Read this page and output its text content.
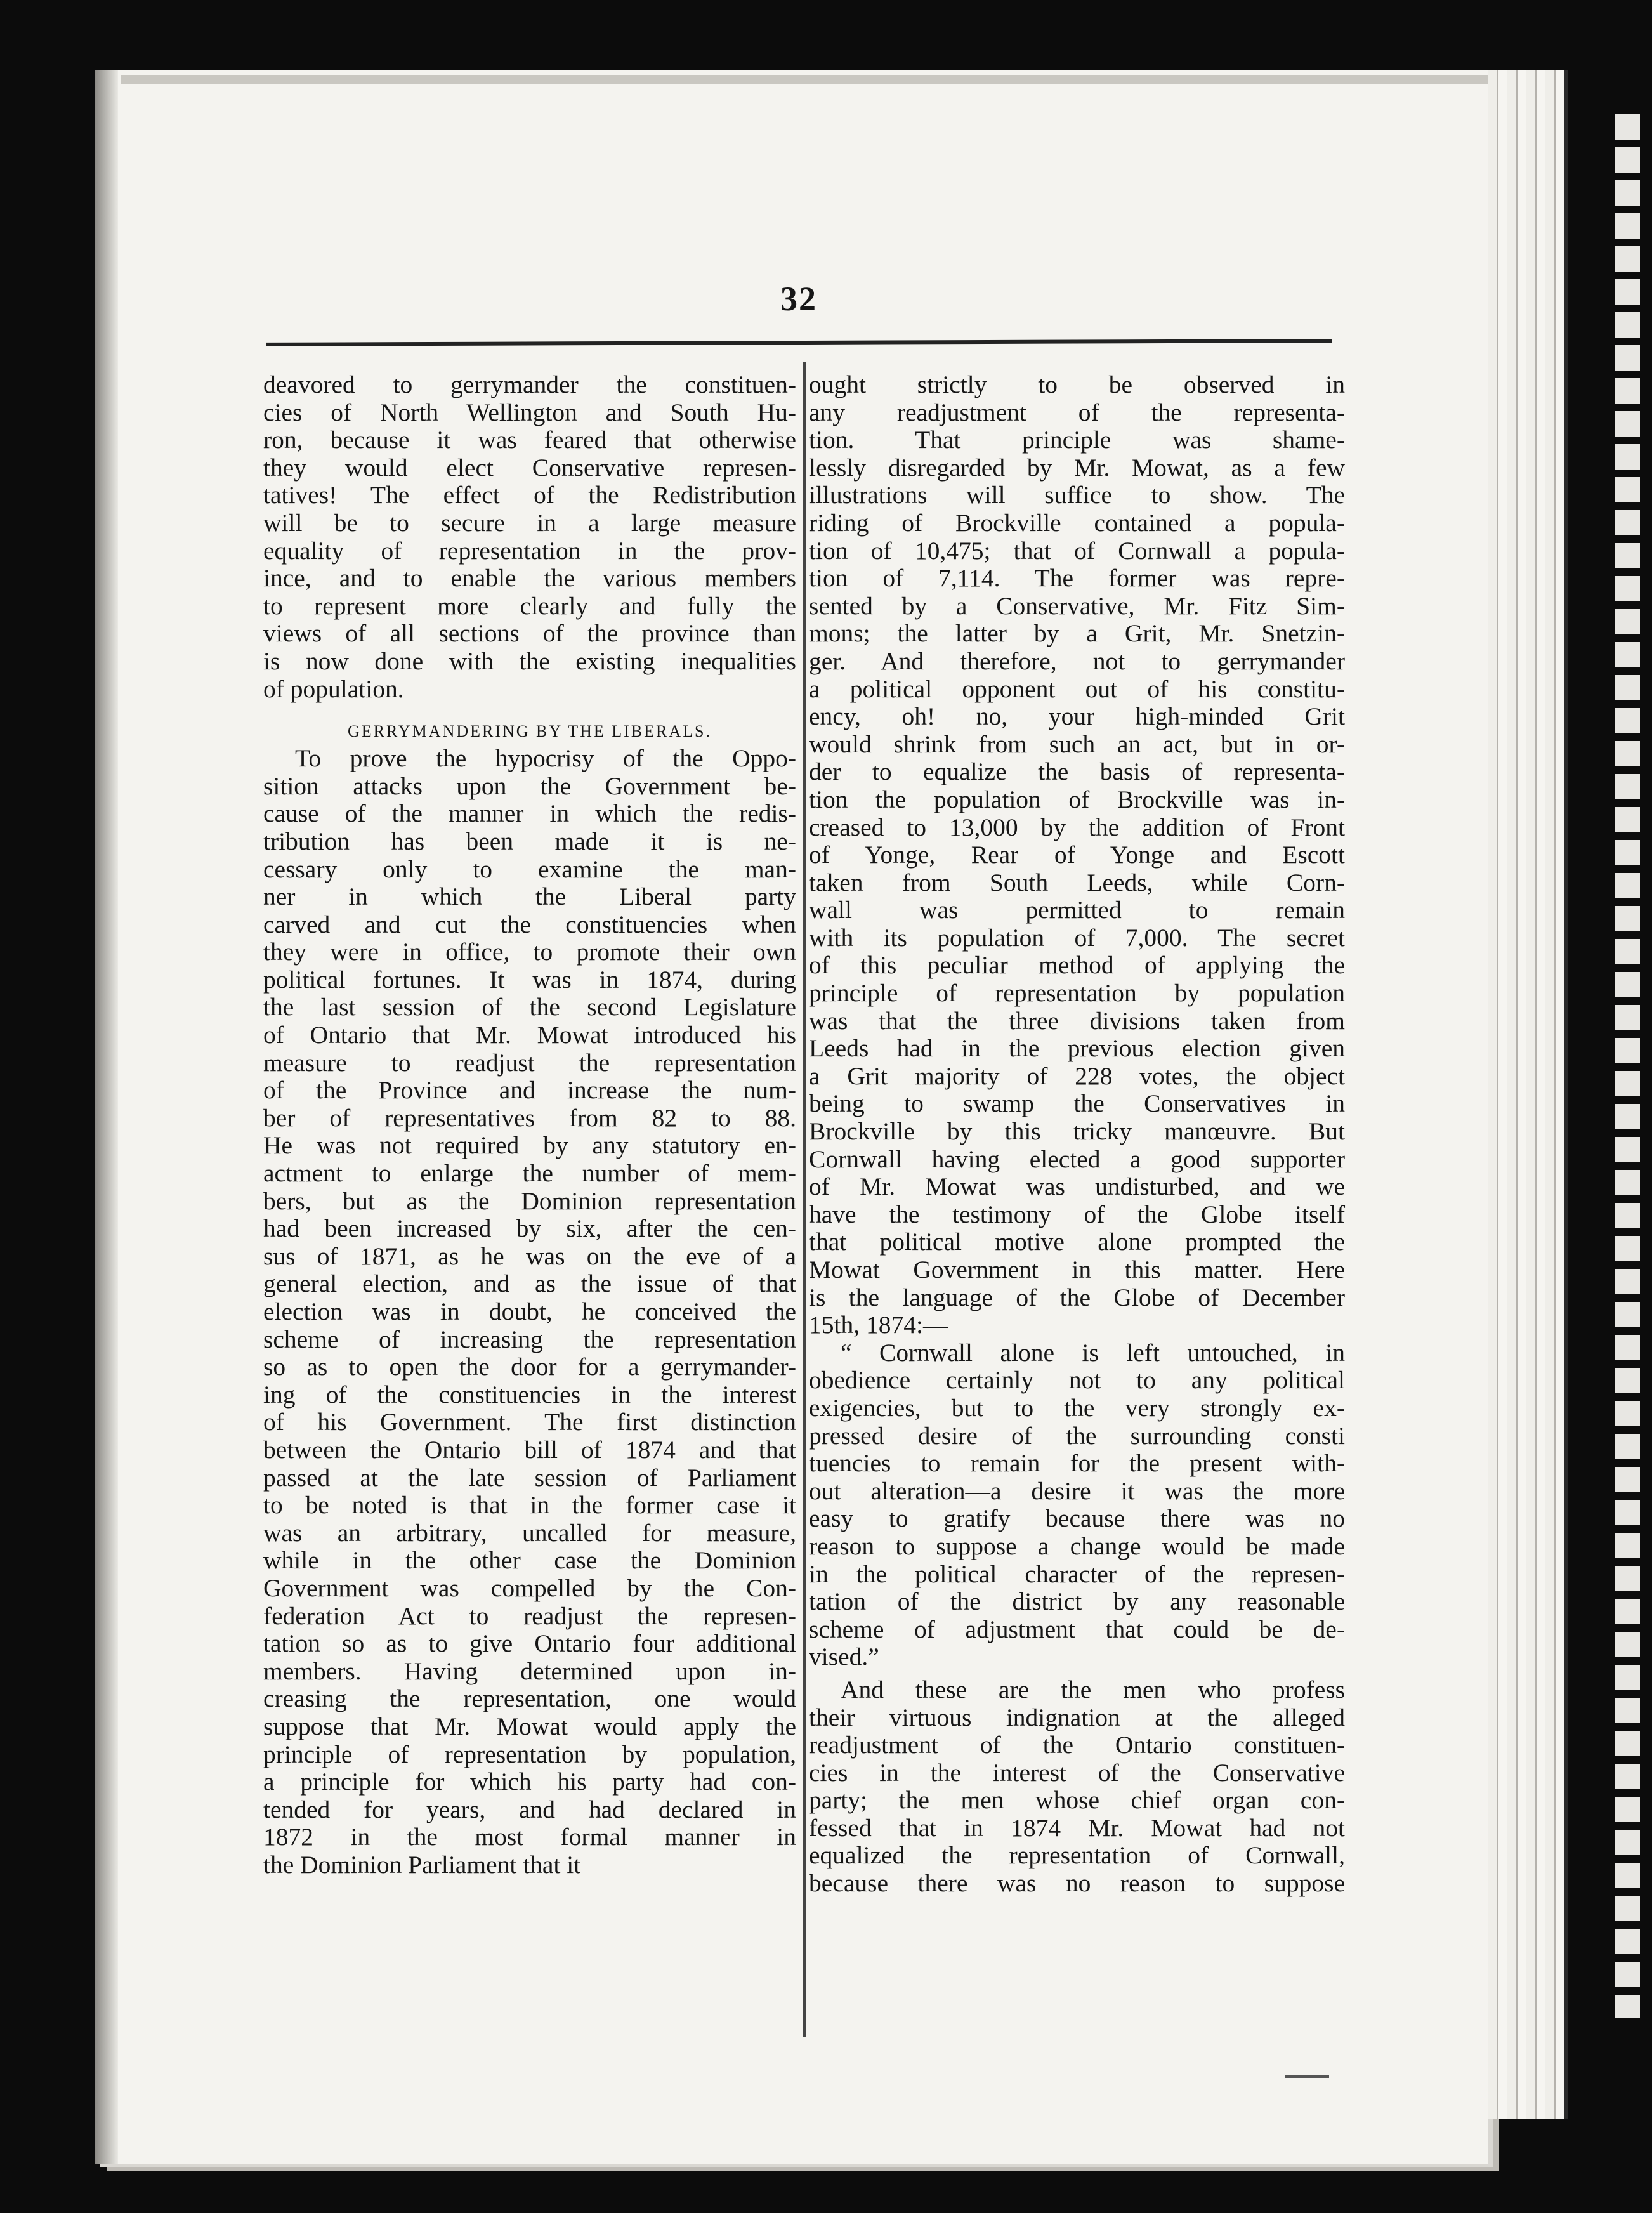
32
deavored to gerrymander the constituen-
cies of North Wellington and South Hu-
ron, because it was feared that otherwise
they would elect Conservative represen-
tatives! The effect of the Redistribution
will be to secure in a large measure
equality of representation in the prov-
ince, and to enable the various members
to represent more clearly and fully the
views of all sections of the province than
is now done with the existing inequalities
of population.
GERRYMANDERING BY THE LIBERALS.
To prove the hypocrisy of the Oppo-
sition attacks upon the Government be-
cause of the manner in which the redis-
tribution has been made it is ne-
cessary only to examine the man-
ner in which the Liberal party
carved and cut the constituencies when
they were in office, to promote their own
political fortunes. It was in 1874, during
the last session of the second Legislature
of Ontario that Mr. Mowat introduced his
measure to readjust the representation
of the Province and increase the num-
ber of representatives from 82 to 88.
He was not required by any statutory en-
actment to enlarge the number of mem-
bers, but as the Dominion representation
had been increased by six, after the cen-
sus of 1871, as he was on the eve of a
general election, and as the issue of that
election was in doubt, he conceived the
scheme of increasing the representation
so as to open the door for a gerrymander-
ing of the constituencies in the interest
of his Government. The first distinction
between the Ontario bill of 1874 and that
passed at the late session of Parliament
to be noted is that in the former case it
was an arbitrary, uncalled for measure,
while in the other case the Dominion
Government was compelled by the Con-
federation Act to readjust the represen-
tation so as to give Ontario four additional
members. Having determined upon in-
creasing the representation, one would
suppose that Mr. Mowat would apply the
principle of representation by population,
a principle for which his party had con-
tended for years, and had declared in
1872 in the most formal manner in
the Dominion Parliament that it
ought strictly to be observed in
any readjustment of the representa-
tion. That principle was shame-
lessly disregarded by Mr. Mowat, as a few
illustrations will suffice to show. The
riding of Brockville contained a popula-
tion of 10,475; that of Cornwall a popula-
tion of 7,114. The former was repre-
sented by a Conservative, Mr. Fitz Sim-
mons; the latter by a Grit, Mr. Snetzin-
ger. And therefore, not to gerrymander
a political opponent out of his constitu-
ency, oh! no, your high-minded Grit
would shrink from such an act, but in or-
der to equalize the basis of representa-
tion the population of Brockville was in-
creased to 13,000 by the addition of Front
of Yonge, Rear of Yonge and Escott
taken from South Leeds, while Corn-
wall was permitted to remain
with its population of 7,000. The secret
of this peculiar method of applying the
principle of representation by population
was that the three divisions taken from
Leeds had in the previous election given
a Grit majority of 228 votes, the object
being to swamp the Conservatives in
Brockville by this tricky manœuvre. But
Cornwall having elected a good supporter
of Mr. Mowat was undisturbed, and we
have the testimony of the Globe itself
that political motive alone prompted the
Mowat Government in this matter. Here
is the language of the Globe of December
15th, 1874:—
“ Cornwall alone is left untouched, in
obedience certainly not to any political
exigencies, but to the very strongly ex-
pressed desire of the surrounding consti
tuencies to remain for the present with-
out alteration—a desire it was the more
easy to gratify because there was no
reason to suppose a change would be made
in the political character of the represen-
tation of the district by any reasonable
scheme of adjustment that could be de-
vised.”
And these are the men who profess
their virtuous indignation at the alleged
readjustment of the Ontario constituen-
cies in the interest of the Conservative
party; the men whose chief organ con-
fessed that in 1874 Mr. Mowat had not
equalized the representation of Cornwall,
because there was no reason to suppose
